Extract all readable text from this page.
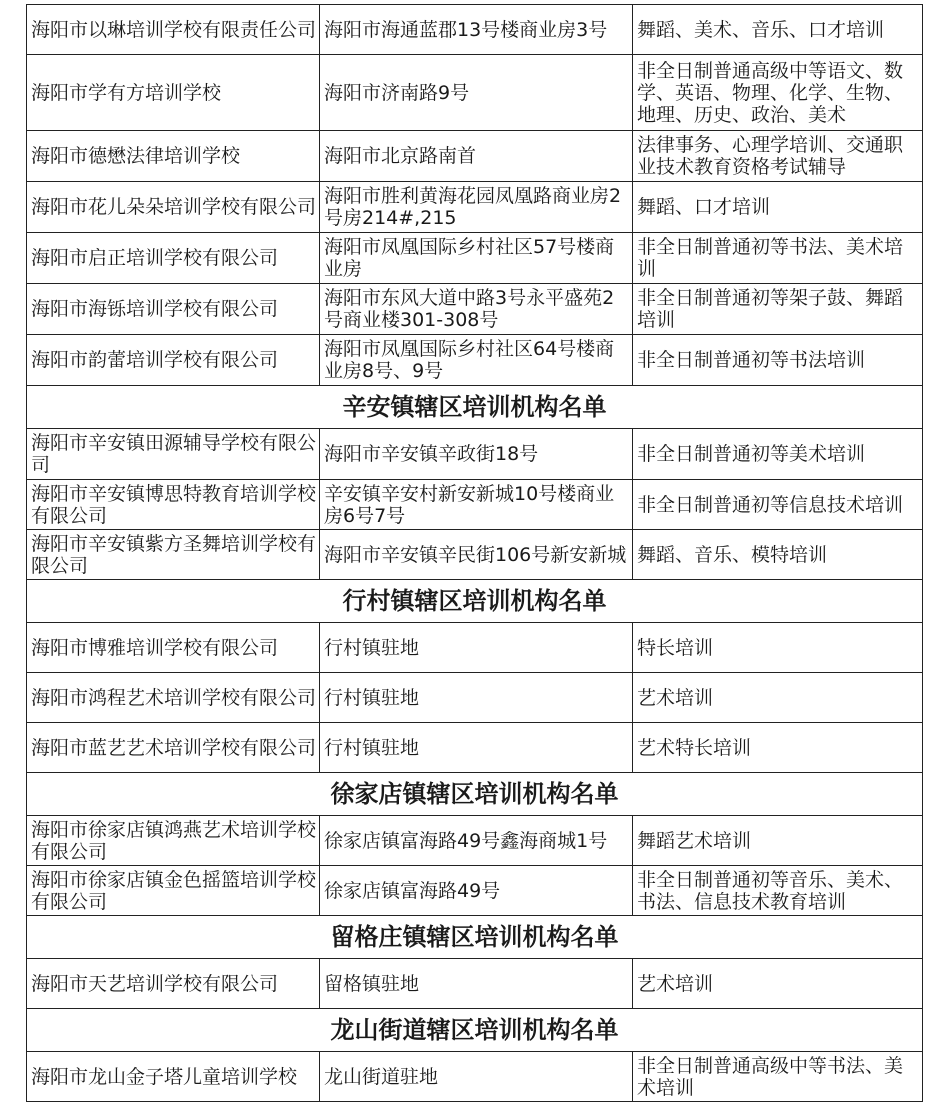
海阳市以琳培训学校有限责任公司	海阳市海通蓝郡13号楼商业房3号	舞蹈、美术、音乐、口才培训

海阳市学有方培训学校	海阳市济南路9号	非全日制普通高级中等语文、数学、英语、物理、化学、生物、地理、历史、政治、美术

海阳市德懋法律培训学校	海阳市北京路南首	法律事务、心理学培训、交通职业技术教育资格考试辅导

海阳市花儿朵朵培训学校有限公司	海阳市胜利黄海花园凤凰路商业房2号房214#,215	舞蹈、口才培训

海阳市启正培训学校有限公司	海阳市凤凰国际乡村社区57号楼商业房	非全日制普通初等书法、美术培训

海阳市海铄培训学校有限公司	海阳市东风大道中路3号永平盛苑2号商业楼301-308号	非全日制普通初等架子鼓、舞蹈培训

海阳市韵蕾培训学校有限公司	海阳市凤凰国际乡村社区64号楼商业房8号、9号	非全日制普通初等书法培训

辛安镇辖区培训机构名单		

海阳市辛安镇田源辅导学校有限公司	海阳市辛安镇辛政街18号	非全日制普通初等美术培训

海阳市辛安镇博思特教育培训学校有限公司	辛安镇辛安村新安新城10号楼商业房6号7号	非全日制普通初等信息技术培训

海阳市辛安镇紫方圣舞培训学校有限公司	海阳市辛安镇辛民街106号新安新城	舞蹈、音乐、模特培训

行村镇辖区培训机构名单		

海阳市博雅培训学校有限公司	行村镇驻地	特长培训

海阳市鸿程艺术培训学校有限公司	行村镇驻地	艺术培训

海阳市蓝艺艺术培训学校有限公司	行村镇驻地	艺术特长培训

徐家店镇辖区培训机构名单		

海阳市徐家店镇鸿燕艺术培训学校有限公司	徐家店镇富海路49号鑫海商城1号	舞蹈艺术培训

海阳市徐家店镇金色摇篮培训学校有限公司	徐家店镇富海路49号	非全日制普通初等音乐、美术、书法、信息技术教育培训

留格庄镇辖区培训机构名单		

海阳市天艺培训学校有限公司	留格镇驻地	艺术培训

龙山街道辖区培训机构名单		

海阳市龙山金子塔儿童培训学校	龙山街道驻地	非全日制普通高级中等书法、美术培训
